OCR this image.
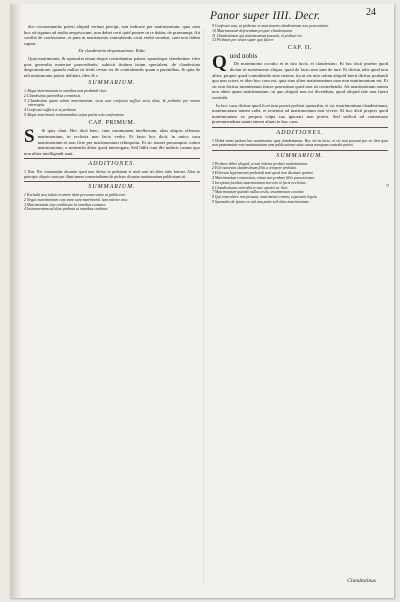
Panor super IIII. Decr.	24

dos circumstantiis potest aliquid certum precipi, non indicare per matrimonium. quia cum hoc sit signum ad multa aequivocum, non debet certi quid ponere in re dubia, de praesumpt. Ait conflat de confessione, et puta in matrimonio contrahendo sicut verba sonabat, cum non fidem capiat.

De clandestina desponsatione. Rubr.

Quia matrimonia, & sponsalia etiam doque contrahuntur palam, quandoque clandestine: ideo post generalia materiae praecedentis, subiicit titulum istum specialem, de clandestina desponsatione, quando nullus sit testis certae rei de contrahendis quam a parentibus, & quia de tali matrimonio potest dubitari, ideo & c.

SUMMARIUM.

1 Aliqui matrimonium in omnibus non probandi cluo.

2 Clandestina parentibus commissis.

3 Clandestina quam volunt matrimonium, sicut cum confessio sufficit sicut alias. & probatio per omnia interrupta.

4 Confessio sufficit et ut probetur.

5 Aliqui matrimonii reclamantibus unius partis sola confessione.

CAP. PRIMUM.
S	Si quis clam. Hoc dicit haec, cum communem intellectum, alias aliquis offensas matrimonium, in ecclesia non facto verbo. Et facto hoc dicit, in unico casu matrimonium et non ficte per matrimonium relinquitur. Et sic manet presumptio contra matrimonium, a sententiis aliter quod interrogata. Sed fallit cum ille inducit casum quo non aliter intelligendi sunt.

ADDITIONES.

1 Non. Hic communiter dicuntur quod non dicitur in probatum et mali sunt uti aliter tales fuerunt. Alias in principio aliquis caute per illam tamen consuetudinem de probato dicuntur matrimonium publicatum sit.

SUMMARIUM.

1 Excludit non induit et omnis idem personae uniae ut publicetur.

2 Negat matrimonium cum intra sunt matrimonii. iam ratione esse.

3 Matrimonium sine conditione in omnibus constare.

4 Instrumentum ad alias probata ut omnibus credatur.

9 Confessio una, ut probetur in matrimonio clandestinum non praesumitur.

10 Matrimonium deferendum propter clandestinum.

11 Clandestinum qui matrimonium possunt, et probari eis.

12 Probatio per testes super quo facere.

CAP. II.
Q uod nobis

De matrimonio occulto et in isto lucis, et clandestino. Et hoc dicit praeter quod dicitur in matrimonio aliquo, quod de facto non sunt de iure. Et dicitur talis quod non aliter, propter quod contrahendo sine ratione, ita ut eis non solum aliquid fuerit dicitur probandi qua non sciret, et ideo hoc casu est, quia sine aliter matrimonium cum non matrimonium est. Et sic non dicitur iuramentum fuisse praestitum quod non sit contrahendo. Ad matrimonium autem non aliter quam matrimonium, in quo aliquid non est dicendum, quod aliquid tale non fuerit contrahi.

In hoc casu dicitur quod licet non possit probari sponsalia, et sic matrimonium clandestinum, matrimonium tamen valet, et tenentur ad matrimonium non vivere. Et hoc dicit propter quod matrimonium ex propria culpa sua ignorari non potest. Sed sufficit ad consensum praesumendum unum tamen alium in hoc casu.

ADDITIONES.

1 Debet enim probari hoc matrimonio quia clandestinum. Hoc est in facto, et sic non possunt pro eo fieri quia non praesumitur esse matrimonium sine publicatione cuius causa nunquam contrahi potest.

SUMMARIUM.

1 Probare debet aliquid, si non videtur probari matrimonium.

2 Filii natorum clandestinum filiis a tempore probatio.

3 Filiorum legitimorum probandi sunt quod non dicuntur gemini.

4 Matrimonium contractum, etiam non probari filiis possessiones.

5 Inceptum facultas matrimonium non nisi in facie ecclesiae.

6 Clandestinum contrahit et sine oportet ac licet.

7 Matrimonium quando nullus testis, testamentum continet.

8 Qui contrahere non possunt, matrimonio remoti, expectant legem.

9 Sponsalia de futuro ex tali una parte sed alias matrimonium.

Clandestinus
II
